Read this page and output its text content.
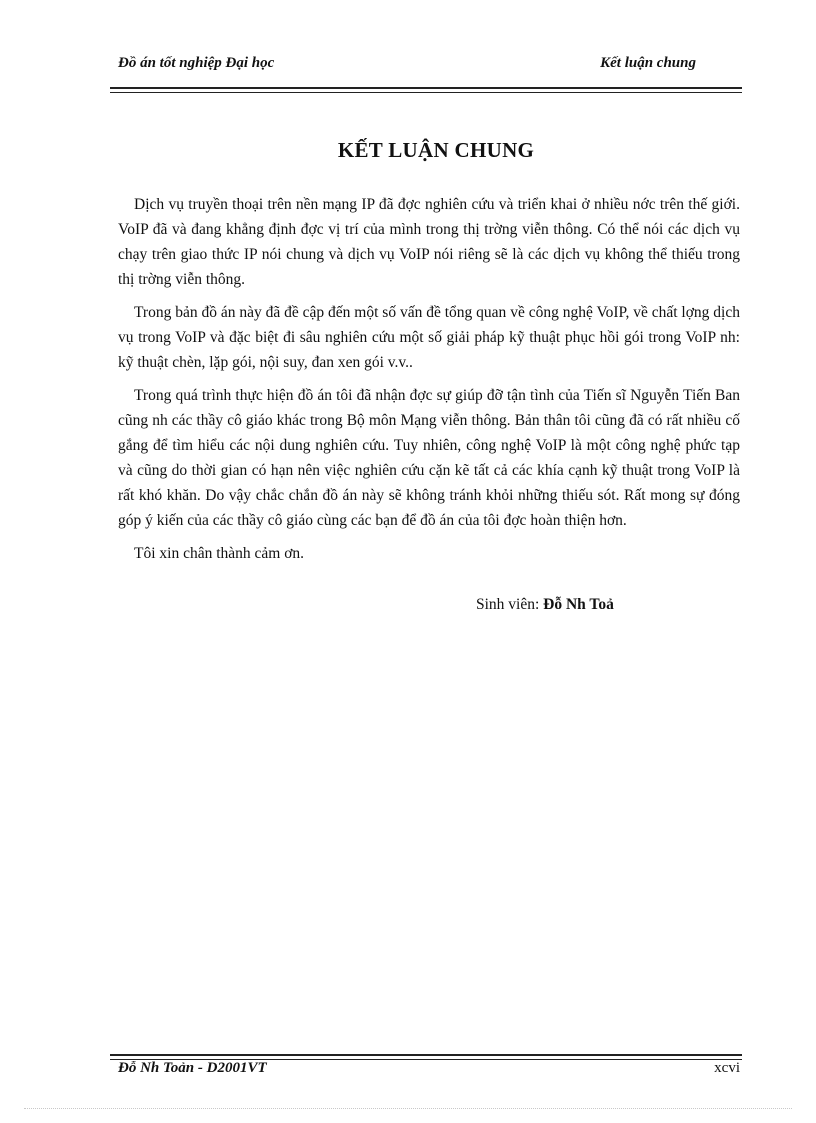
Đồ án tốt nghiệp Đại học	Kết luận chung
KẾT LUẬN CHUNG

Dịch vụ truyền thoại trên nền mạng IP đã đợc nghiên cứu và triển khai ở nhiều nớc trên thế giới. VoIP đã và đang khẳng định đợc vị trí của mình trong thị trờng viễn thông. Có thể nói các dịch vụ chạy trên giao thức IP nói chung và dịch vụ VoIP nói riêng sẽ là các dịch vụ không thể thiếu trong thị trờng viễn thông.

Trong bản đồ án này đã đề cập đến một số vấn đề tổng quan về công nghệ VoIP, về chất lợng dịch vụ trong VoIP và đặc biệt đi sâu nghiên cứu một số giải pháp kỹ thuật phục hồi gói trong VoIP nh: kỹ thuật chèn, lặp gói, nội suy, đan xen gói v.v..

Trong quá trình thực hiện đồ án tôi đã nhận đợc sự giúp đỡ tận tình của Tiến sĩ Nguyễn Tiến Ban cũng nh các thầy cô giáo khác trong Bộ môn Mạng viễn thông. Bản thân tôi cũng đã có rất nhiều cố gắng để tìm hiểu các nội dung nghiên cứu. Tuy nhiên, công nghệ VoIP là một công nghệ phức tạp và cũng do thời gian có hạn nên việc nghiên cứu cặn kẽ tất cả các khía cạnh kỹ thuật trong VoIP là rất khó khăn. Do vậy chắc chắn đồ án này sẽ không tránh khỏi những thiếu sót. Rất mong sự đóng góp ý kiến của các thầy cô giáo cùng các bạn để đồ án của tôi đợc hoàn thiện hơn.

Tôi xin chân thành cảm ơn.

Sinh viên: Đỗ Nh Toả
Đỗ Nh Toản - D2001VT	xcvi
